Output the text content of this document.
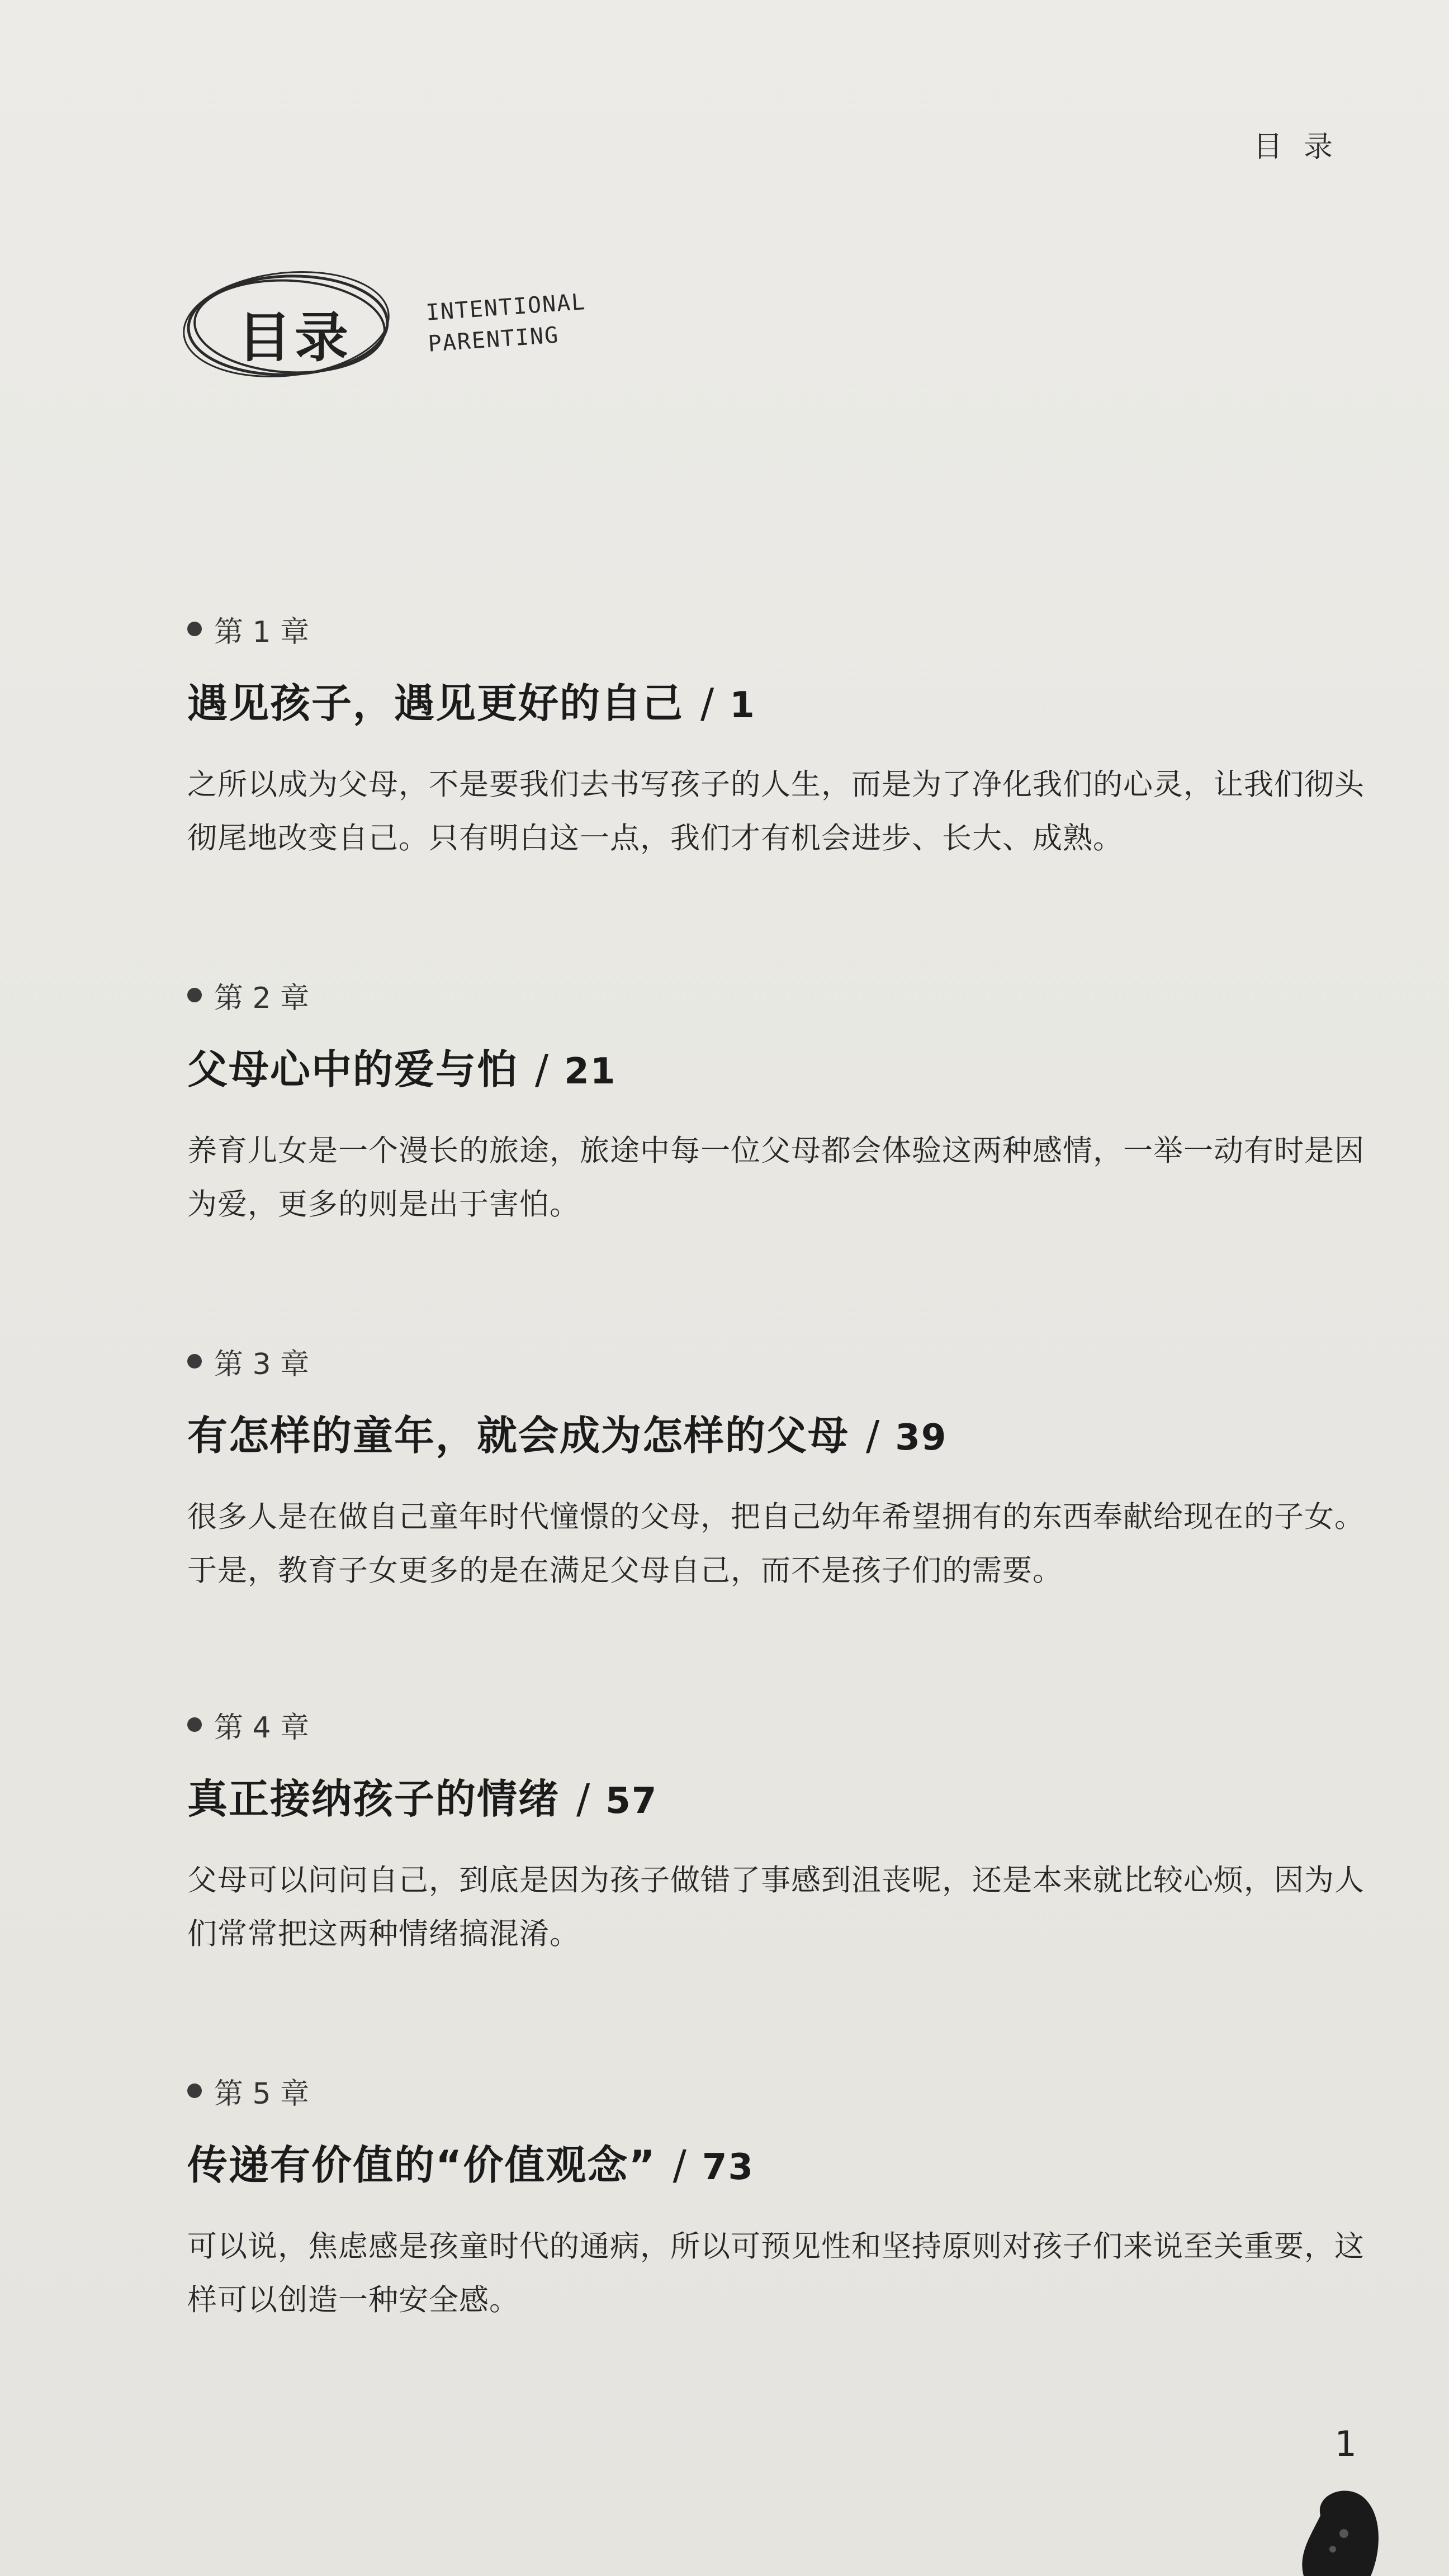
目录
目录	INTENTIONAL
PARENTING
第 1 章
遇见孩子，遇见更好的自己 / 1
之所以成为父母，不是要我们去书写孩子的人生，而是为了净化我们的心灵，让我们彻头彻尾地改变自己。只有明白这一点，我们才有机会进步、长大、成熟。
第 2 章
父母心中的爱与怕 / 21
养育儿女是一个漫长的旅途，旅途中每一位父母都会体验这两种感情，一举一动有时是因为爱，更多的则是出于害怕。
第 3 章
有怎样的童年，就会成为怎样的父母 / 39
很多人是在做自己童年时代憧憬的父母，把自己幼年希望拥有的东西奉献给现在的子女。于是，教育子女更多的是在满足父母自己，而不是孩子们的需要。
第 4 章
真正接纳孩子的情绪 / 57
父母可以问问自己，到底是因为孩子做错了事感到沮丧呢，还是本来就比较心烦，因为人们常常把这两种情绪搞混淆。
第 5 章
传递有价值的“价值观念” / 73
可以说，焦虑感是孩童时代的通病，所以可预见性和坚持原则对孩子们来说至关重要，这样可以创造一种安全感。
1
